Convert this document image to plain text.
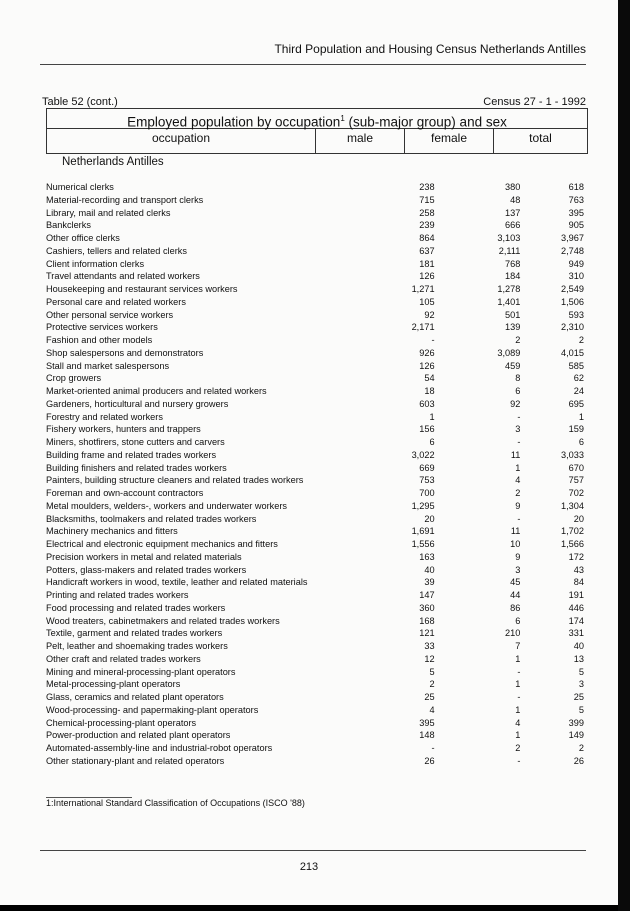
Third Population and Housing Census Netherlands Antilles
Table 52 (cont.)	Census 27 - 1 - 1992
Employed population by occupation$^1$ (sub-major group) and sex
occupation	male	female	total
Netherlands Antilles
Numerical clerks	238	380	618
Material-recording and transport clerks	715	48	763
Library, mail and related clerks	258	137	395
Bankclerks	239	666	905
Other office clerks	864	3,103	3,967
Cashiers, tellers and related clerks	637	2,111	2,748
Client information clerks	181	768	949
Travel attendants and related workers	126	184	310
Housekeeping and restaurant services workers	1,271	1,278	2,549
Personal care and related workers	105	1,401	1,506
Other personal service workers	92	501	593
Protective services workers	2,171	139	2,310
Fashion and other models	-	2	2
Shop salespersons and demonstrators	926	3,089	4,015
Stall and market salespersons	126	459	585
Crop growers	54	8	62
Market-oriented animal producers and related workers	18	6	24
Gardeners, horticultural and nursery growers	603	92	695
Forestry and related workers	1	-	1
Fishery workers, hunters and trappers	156	3	159
Miners, shotfirers, stone cutters and carvers	6	-	6
Building frame and related trades workers	3,022	11	3,033
Building finishers and related trades workers	669	1	670
Painters, building structure cleaners and related trades workers	753	4	757
Foreman and own-account contractors	700	2	702
Metal moulders, welders-, workers and underwater workers	1,295	9	1,304
Blacksmiths, toolmakers and related trades workers	20	-	20
Machinery mechanics and fitters	1,691	11	1,702
Electrical and electronic equipment mechanics and fitters	1,556	10	1,566
Precision workers in metal and related materials	163	9	172
Potters, glass-makers and related trades workers	40	3	43
Handicraft workers in wood, textile, leather and related materials	39	45	84
Printing and related trades workers	147	44	191
Food processing and related trades workers	360	86	446
Wood treaters, cabinetmakers and related trades workers	168	6	174
Textile, garment and related trades workers	121	210	331
Pelt, leather and shoemaking trades workers	33	7	40
Other craft and related trades workers	12	1	13
Mining and mineral-processing-plant operators	5	-	5
Metal-processing-plant operators	2	1	3
Glass, ceramics and related plant operators	25	-	25
Wood-processing- and papermaking-plant operators	4	1	5
Chemical-processing-plant operators	395	4	399
Power-production and related plant operators	148	1	149
Automated-assembly-line and industrial-robot operators	-	2	2
Other stationary-plant and related operators	26	-	26
1:International Standard Classification of Occupations (ISCO '88)
213
